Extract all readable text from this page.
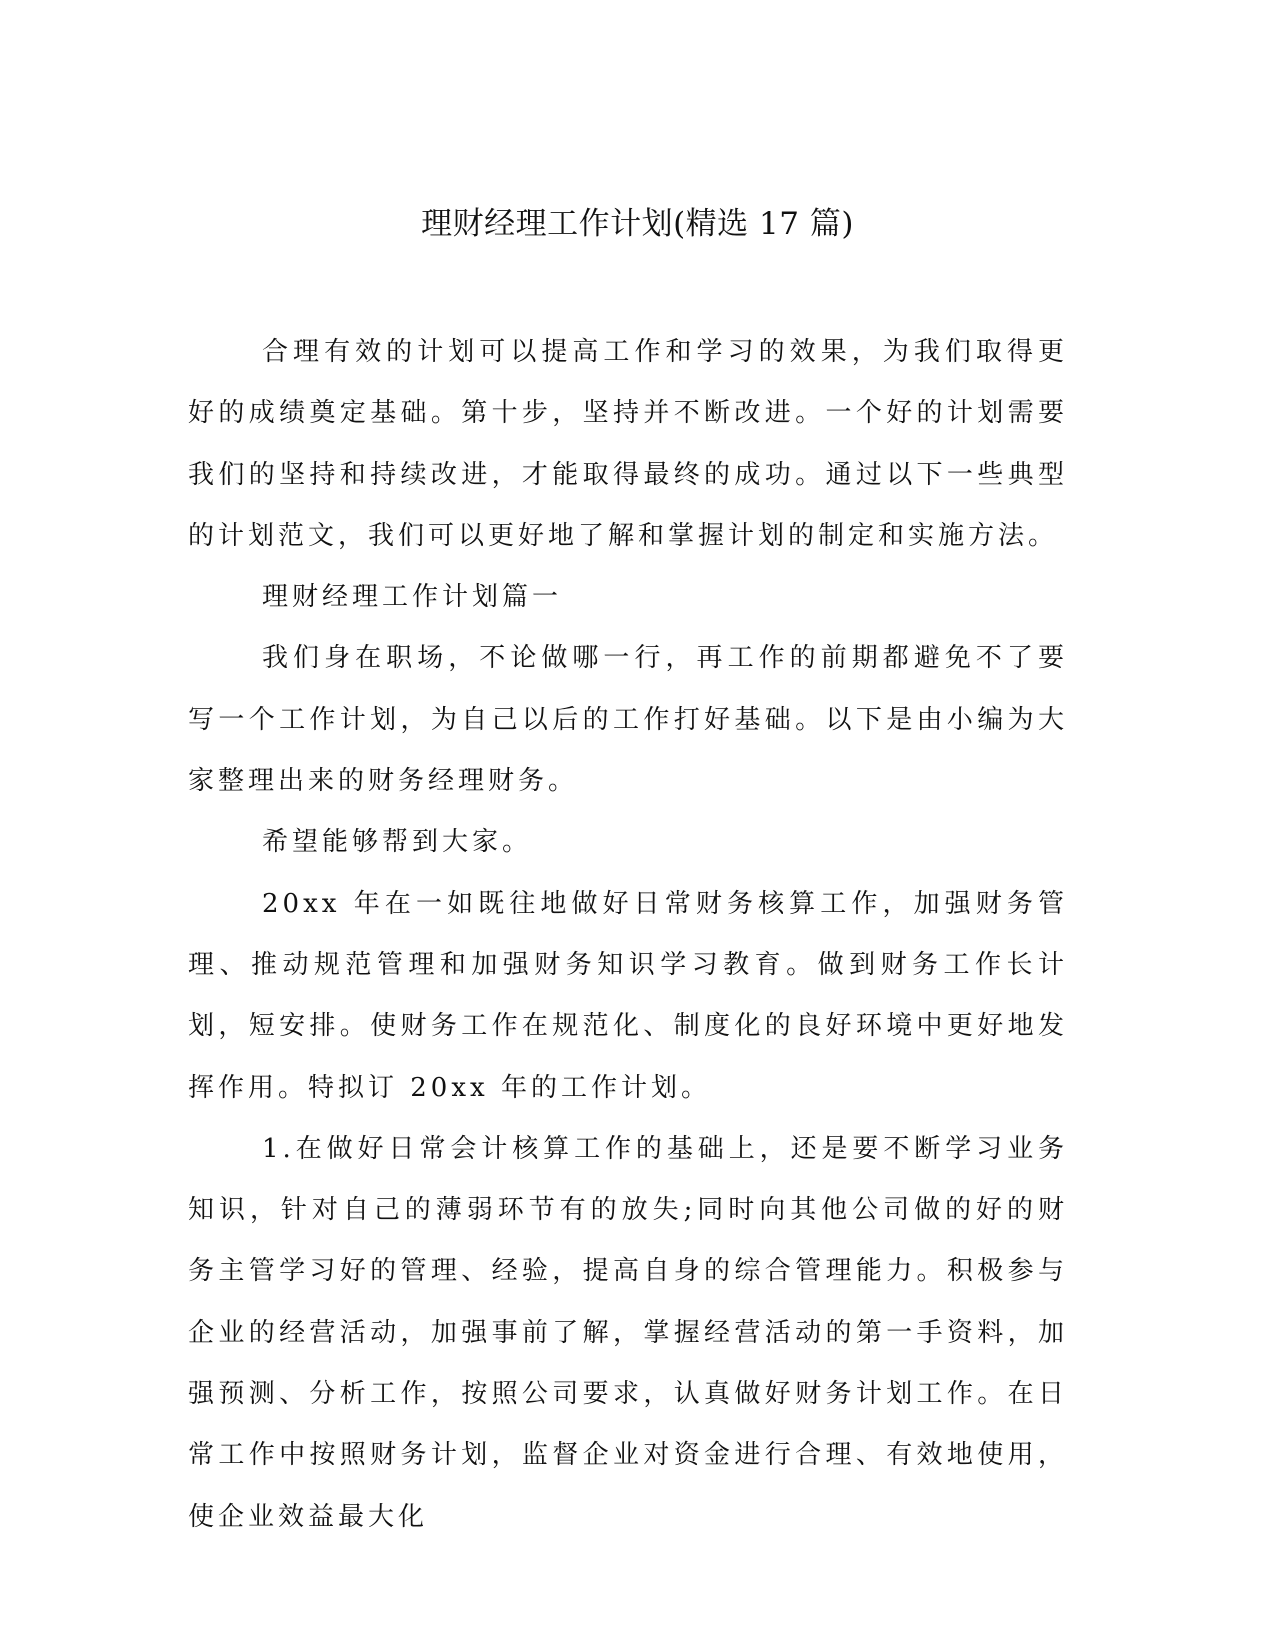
理财经理工作计划(精选 17 篇)

合理有效的计划可以提高工作和学习的效果，为我们取得更好的成绩奠定基础。第十步，坚持并不断改进。一个好的计划需要我们的坚持和持续改进，才能取得最终的成功。通过以下一些典型的计划范文，我们可以更好地了解和掌握计划的制定和实施方法。

理财经理工作计划篇一

我们身在职场，不论做哪一行，再工作的前期都避免不了要写一个工作计划，为自己以后的工作打好基础。以下是由小编为大家整理出来的财务经理财务。

希望能够帮到大家。

20xx 年在一如既往地做好日常财务核算工作，加强财务管理、推动规范管理和加强财务知识学习教育。做到财务工作长计划，短安排。使财务工作在规范化、制度化的良好环境中更好地发挥作用。特拟订 20xx 年的工作计划。

1.在做好日常会计核算工作的基础上，还是要不断学习业务知识，针对自己的薄弱环节有的放失;同时向其他公司做的好的财务主管学习好的管理、经验，提高自身的综合管理能力。积极参与企业的经营活动，加强事前了解，掌握经营活动的第一手资料，加强预测、分析工作，按照公司要求，认真做好财务计划工作。在日常工作中按照财务计划，监督企业对资金进行合理、有效地使用，使企业效益最大化
